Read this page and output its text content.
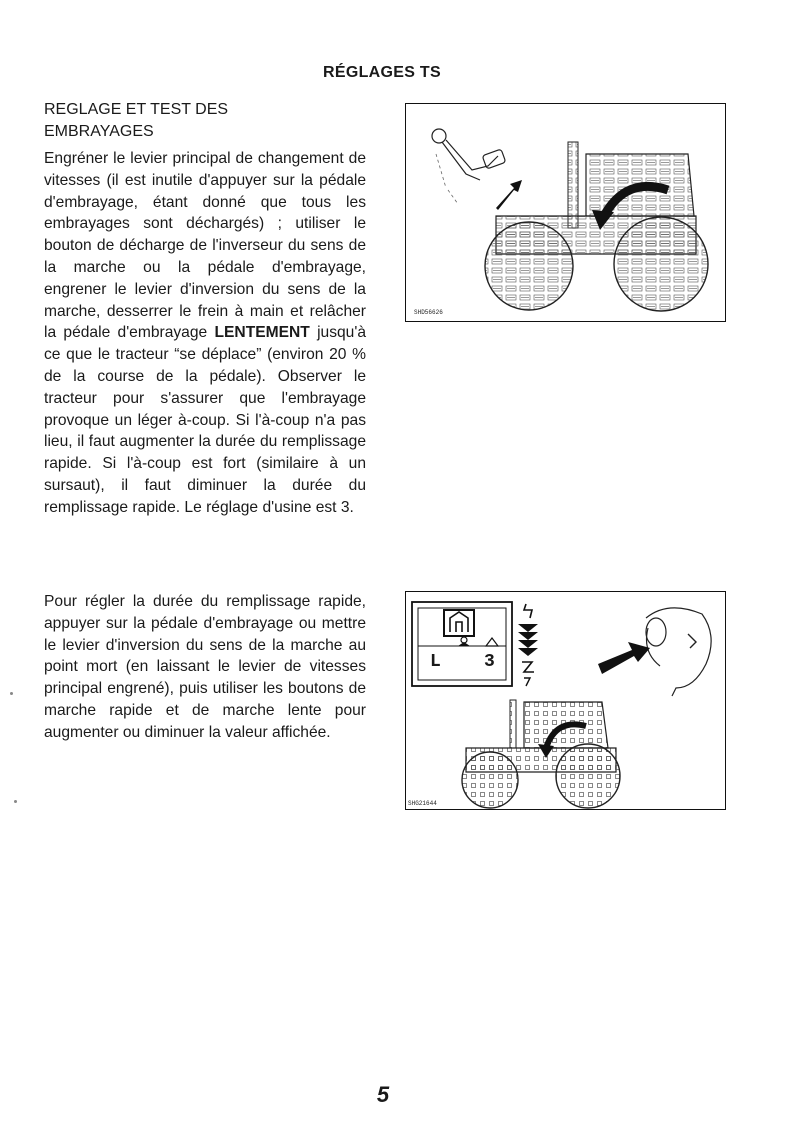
RÉGLAGES TS
REGLAGE ET TEST DES
EMBRAYAGES

Engréner le levier principal de changement de vitesses (il est inutile d'appuyer sur la pédale d'embrayage, étant donné que tous les embrayages sont déchargés) ; utiliser le bouton de décharge de l'inverseur du sens de la marche ou la pédale d'embrayage, engrener le levier d'inversion du sens de la marche, desserrer le frein à main et relâcher la pédale d'embrayage LENTEMENT jusqu'à ce que le tracteur “se déplace” (environ 20 % de la course de la pédale). Observer le tracteur pour s'assurer que l'embrayage provoque un léger à-coup. Si l'à-coup n'a pas lieu, il faut augmenter la durée du remplissage rapide. Si l'à-coup est fort (similaire à un sursaut), il faut diminuer la durée du remplissage rapide. Le réglage d'usine est 3.

Pour régler la durée du remplissage rapide, appuyer sur la pédale d'embrayage ou mettre le levier d'inversion du sens de la marche au point mort (en laissant le levier de vitesses principal engrené), puis utiliser les boutons de marche rapide et de marche lente pour augmenter ou diminuer la valeur affichée.

SHD56626
SHG21644
L 3
5
